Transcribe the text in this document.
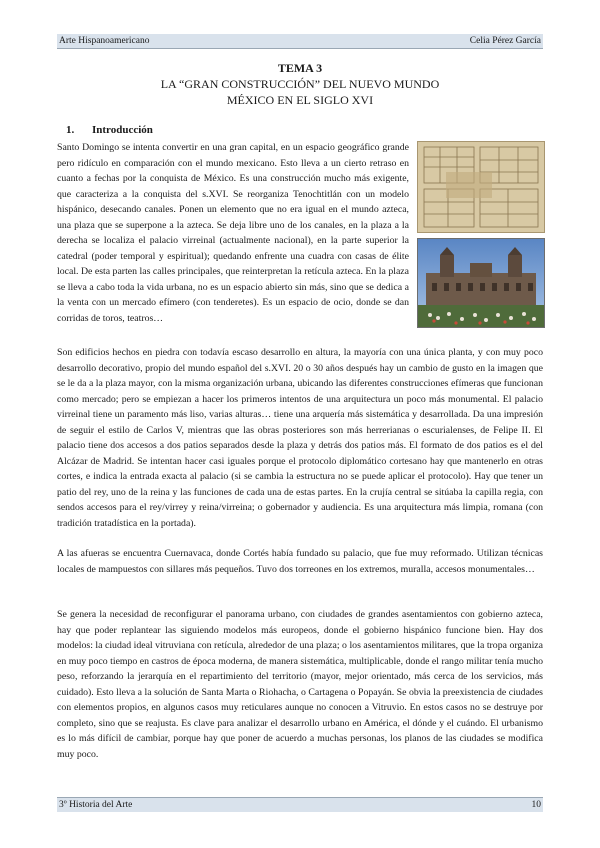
Arte Hispanoamericano	Celia Pérez García
TEMA 3
LA “GRAN CONSTRUCCIÓN” DEL NUEVO MUNDO
MÉXICO EN EL SIGLO XVI
1. Introducción

Santo Domingo se intenta convertir en una gran capital, en un espacio geográfico grande pero ridículo en comparación con el mundo mexicano. Esto lleva a un cierto retraso en cuanto a fechas por la conquista de México. Es una construcción mucho más exigente, que caracteriza a la conquista del s.XVI. Se reorganiza Tenochtitlán con un modelo hispánico, desecando canales. Ponen un elemento que no era igual en el mundo azteca, una plaza que se superpone a la azteca. Se deja libre uno de los canales, en la plaza a la derecha se localiza el palacio virreinal (actualmente nacional), en la parte superior la catedral (poder temporal y espiritual); quedando enfrente una cuadra con casas de élite local. De esta parten las calles principales, que reinterpretan la retícula azteca. En la plaza se lleva a cabo toda la vida urbana, no es un espacio abierto sin más, sino que se dedica a la venta con un mercado efímero (con tenderetes). Es un espacio de ocio, donde se dan corridas de toros, teatros…

Son edificios hechos en piedra con todavía escaso desarrollo en altura, la mayoría con una única planta, y con muy poco desarrollo decorativo, propio del mundo español del s.XVI. 20 o 30 años después hay un cambio de gusto en la imagen que se le da a la plaza mayor, con la misma organización urbana, ubicando las diferentes construcciones efímeras que funcionan como mercado; pero se empiezan a hacer los primeros intentos de una arquitectura un poco más monumental. El palacio virreinal tiene un paramento más liso, varias alturas… tiene una arquería más sistemática y desarrollada. Da una impresión de seguir el estilo de Carlos V, mientras que las obras posteriores son más herrerianas o escurialenses, de Felipe II. El palacio tiene dos accesos a dos patios separados desde la plaza y detrás dos patios más. El formato de dos patios es el del Alcázar de Madrid. Se intentan hacer casi iguales porque el protocolo diplomático cortesano hay que mantenerlo en otras cortes, e indica la entrada exacta al palacio (si se cambia la estructura no se puede aplicar el protocolo). Hay que tener un patio del rey, uno de la reina y las funciones de cada una de estas partes. En la crujía central se sitúaba la capilla regia, con sendos accesos para el rey/virrey y reina/virreina; o gobernador y audiencia. Es una arquitectura más limpia, romana (con tradición tratadística en la portada).

A las afueras se encuentra Cuernavaca, donde Cortés había fundado su palacio, que fue muy reformado. Utilizan técnicas locales de mampuestos con sillares más pequeños. Tuvo dos torreones en los extremos, muralla, accesos monumentales…

Se genera la necesidad de reconfigurar el panorama urbano, con ciudades de grandes asentamientos con gobierno azteca, hay que poder replantear las siguiendo modelos más europeos, donde el gobierno hispánico funcione bien. Hay dos modelos: la ciudad ideal vitruviana con retícula, alrededor de una plaza; o los asentamientos militares, que la tropa organiza en muy poco tiempo en castros de época moderna, de manera sistemática, multiplicable, donde el rango militar tenía mucho peso, reforzando la jerarquía en el repartimiento del territorio (mayor, mejor orientado, más cerca de los servicios, más cuidado). Esto lleva a la solución de Santa Marta o Riohacha, o Cartagena o Popayán. Se obvia la preexistencia de ciudades con elementos propios, en algunos casos muy reticulares aunque no conocen a Vitruvio. En estos casos no se destruye por completo, sino que se reajusta. Es clave para analizar el desarrollo urbano en América, el dónde y el cuándo. El urbanismo es lo más difícil de cambiar, porque hay que poner de acuerdo a muchas personas, los planos de las ciudades se modifica muy poco.

3º Historia del Arte	10
